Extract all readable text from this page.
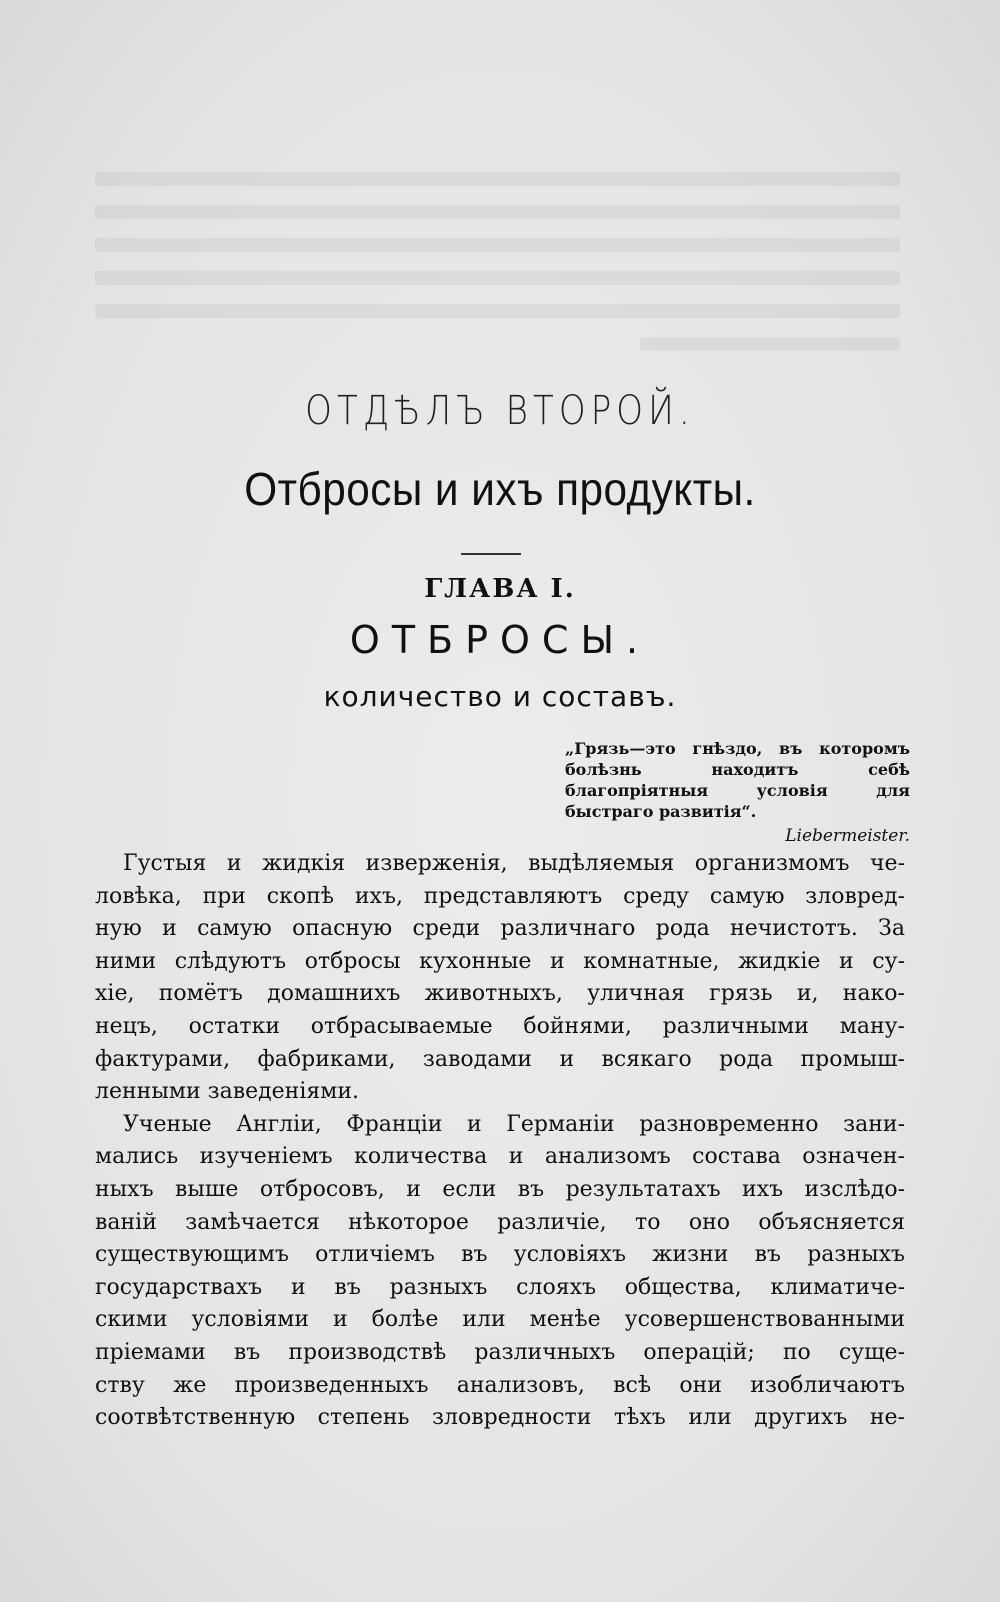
ОТДѢЛЪ ВТОРОЙ.
Отбросы и ихъ продукты.
ГЛАВА I.
ОТБРОСЫ.
количество и составъ.
„Грязь—это гнѣздо, въ которомъ болѣзнь находитъ себѣ благопріятныя условія для быстраго развитія“.
Liebermeister.
Густыя и жидкія изверженія, выдѣляемыя организмомъ че-
ловѣка, при скопѣ ихъ, представляютъ среду самую зловред-
ную и самую опасную среди различнаго рода нечистотъ. За
ними слѣдуютъ отбросы кухонные и комнатные, жидкіе и су-
хіе, помётъ домашнихъ животныхъ, уличная грязь и, нако-
нецъ, остатки отбрасываемые бойнями, различными ману-
фактурами, фабриками, заводами и всякаго рода промыш-
ленными заведеніями.
Ученые Англіи, Франціи и Германіи разновременно зани-
мались изученіемъ количества и анализомъ состава означен-
ныхъ выше отбросовъ, и если въ результатахъ ихъ изслѣдо-
ваній замѣчается нѣкоторое различіе, то оно объясняется
существующимъ отличіемъ въ условіяхъ жизни въ разныхъ
государствахъ и въ разныхъ слояхъ общества, климатиче-
скими условіями и болѣе или менѣе усовершенствованными
пріемами въ производствѣ различныхъ операцій; по суще-
ству же произведенныхъ анализовъ, всѣ они изобличаютъ
соотвѣтственную степень зловредности тѣхъ или другихъ не-
